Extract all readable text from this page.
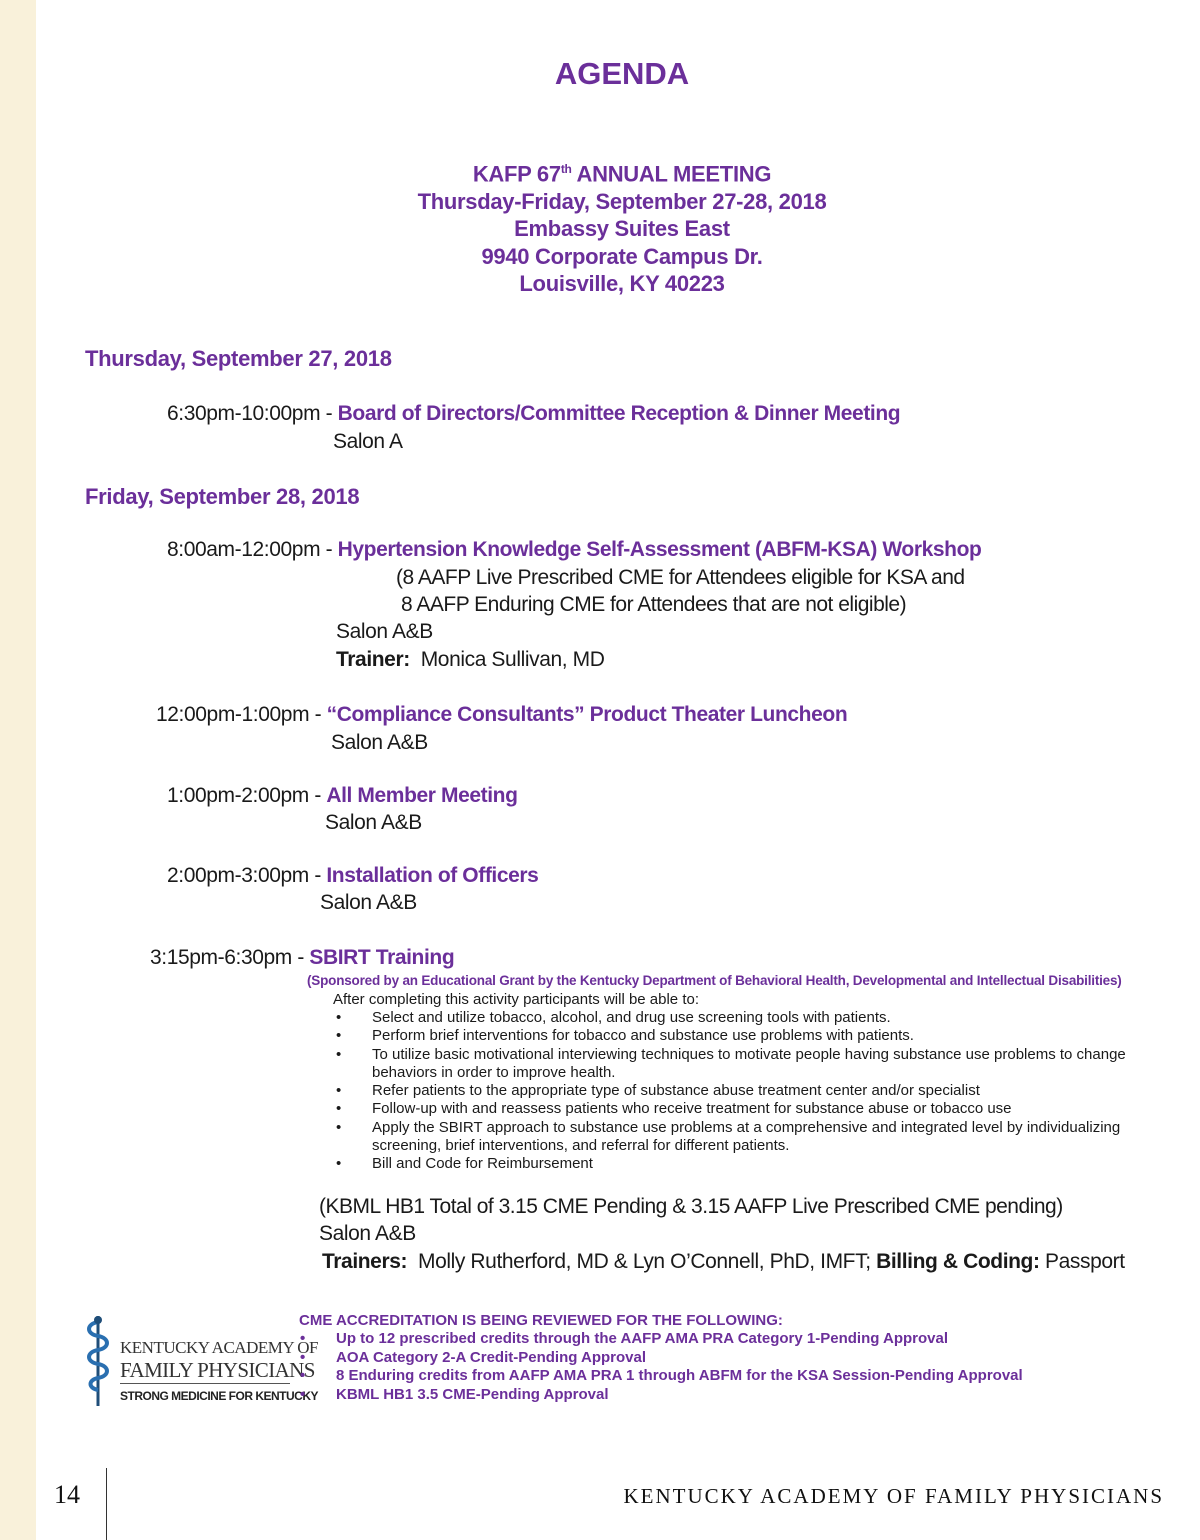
AGENDA
KAFP 67th ANNUAL MEETING
Thursday-Friday, September 27-28, 2018
Embassy Suites East
9940 Corporate Campus Dr.
Louisville, KY 40223
Thursday, September 27, 2018
6:30pm-10:00pm - Board of Directors/Committee Reception & Dinner Meeting
Salon A
Friday, September 28, 2018
8:00am-12:00pm - Hypertension Knowledge Self-Assessment (ABFM-KSA) Workshop
(8 AAFP Live Prescribed CME for Attendees eligible for KSA and
8 AAFP Enduring CME for Attendees that are not eligible)
Salon A&B
Trainer:  Monica Sullivan, MD
12:00pm-1:00pm - “Compliance Consultants” Product Theater Luncheon
Salon A&B
1:00pm-2:00pm - All Member Meeting
Salon A&B
2:00pm-3:00pm - Installation of Officers
Salon A&B
3:15pm-6:30pm - SBIRT Training
(Sponsored by an Educational Grant by the Kentucky Department of Behavioral Health, Developmental and Intellectual Disabilities)
After completing this activity participants will be able to:
• Select and utilize tobacco, alcohol, and drug use screening tools with patients.
• Perform brief interventions for tobacco and substance use problems with patients.
• To utilize basic motivational interviewing techniques to motivate people having substance use problems to change behaviors in order to improve health.
• Refer patients to the appropriate type of substance abuse treatment center and/or specialist
• Follow-up with and reassess patients who receive treatment for substance abuse or tobacco use
• Apply the SBIRT approach to substance use problems at a comprehensive and integrated level by individualizing screening, brief interventions, and referral for different patients.
• Bill and Code for Reimbursement
(KBML HB1 Total of 3.15 CME Pending & 3.15 AAFP Live Prescribed CME pending)
Salon A&B
Trainers:  Molly Rutherford, MD & Lyn O’Connell, PhD, IMFT; Billing & Coding: Passport
KENTUCKY ACADEMY OF
FAMILY PHYSICIANS
STRONG MEDICINE FOR KENTUCKY
CME ACCREDITATION IS BEING REVIEWED FOR THE FOLLOWING:
• Up to 12 prescribed credits through the AAFP AMA PRA Category 1-Pending Approval
• AOA Category 2-A Credit-Pending Approval
• 8 Enduring credits from AAFP AMA PRA 1 through ABFM for the KSA Session-Pending Approval
• KBML HB1 3.5 CME-Pending Approval
14	KENTUCKY ACADEMY OF FAMILY PHYSICIANS
